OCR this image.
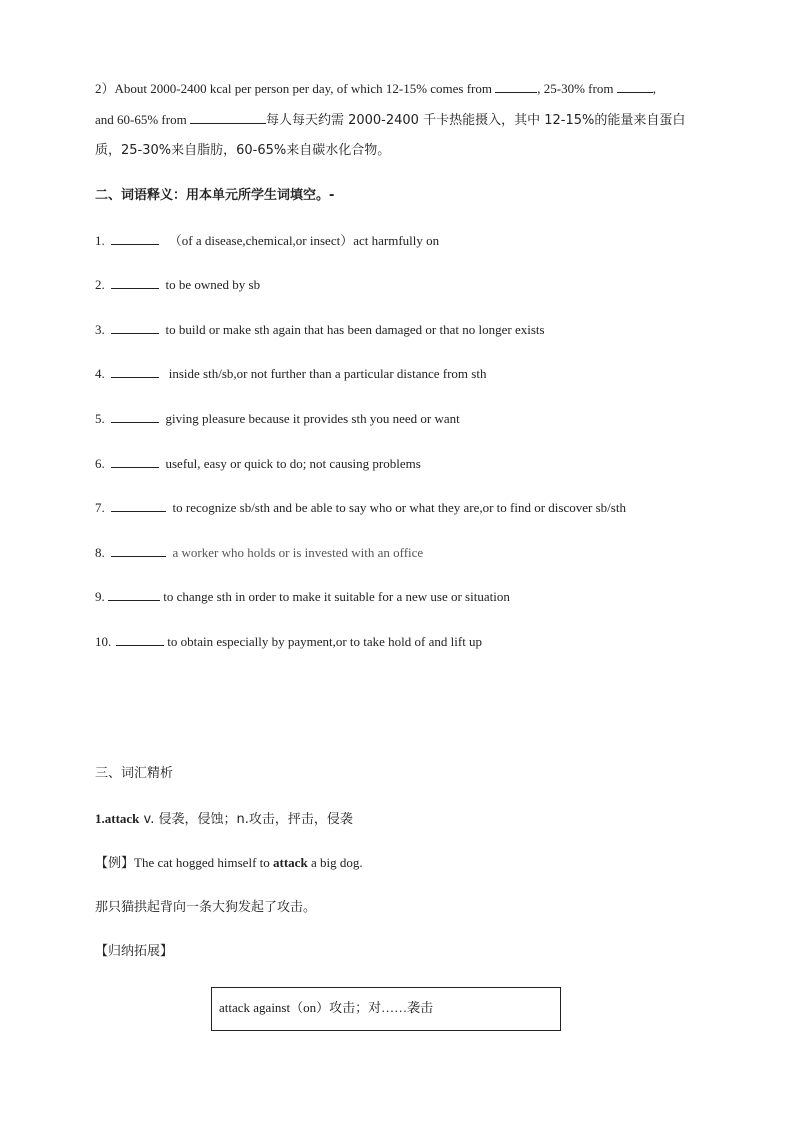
2）About 2000-2400 kcal per person per day, of which 12-15% comes from	, 25-30% from	,
and 60-65% from	每人每天约需 2000-2400 千卡热能摄入，其中 12-15%的能量来自蛋白
质，25-30%来自脂肪，60-65%来自碳水化合物。
二、词语释义：用本单元所学生词填空。-
1.	（of a disease,chemical,or insect）act harmfully on
2.	to be owned by sb
3.	to build or make sth again that has been damaged or that no longer exists
4.	inside sth/sb,or not further than a particular distance from sth
5.	giving pleasure because it provides sth you need or want
6.	useful, easy or quick to do; not causing problems
7.	to recognize sb/sth and be able to say who or what they are,or to find or discover sb/sth
8.	a worker who holds or is invested with an office
9.	to change sth in order to make it suitable for a new use or situation
10.	to obtain especially by payment,or to take hold of and lift up
三、词汇精析
1.attack v. 侵袭，侵蚀；n.攻击，抨击，侵袭
【例】The cat hogged himself to attack a big dog.
那只猫拱起背向一条大狗发起了攻击。
【归纳拓展】
attack against（on）攻击；对……袭击
